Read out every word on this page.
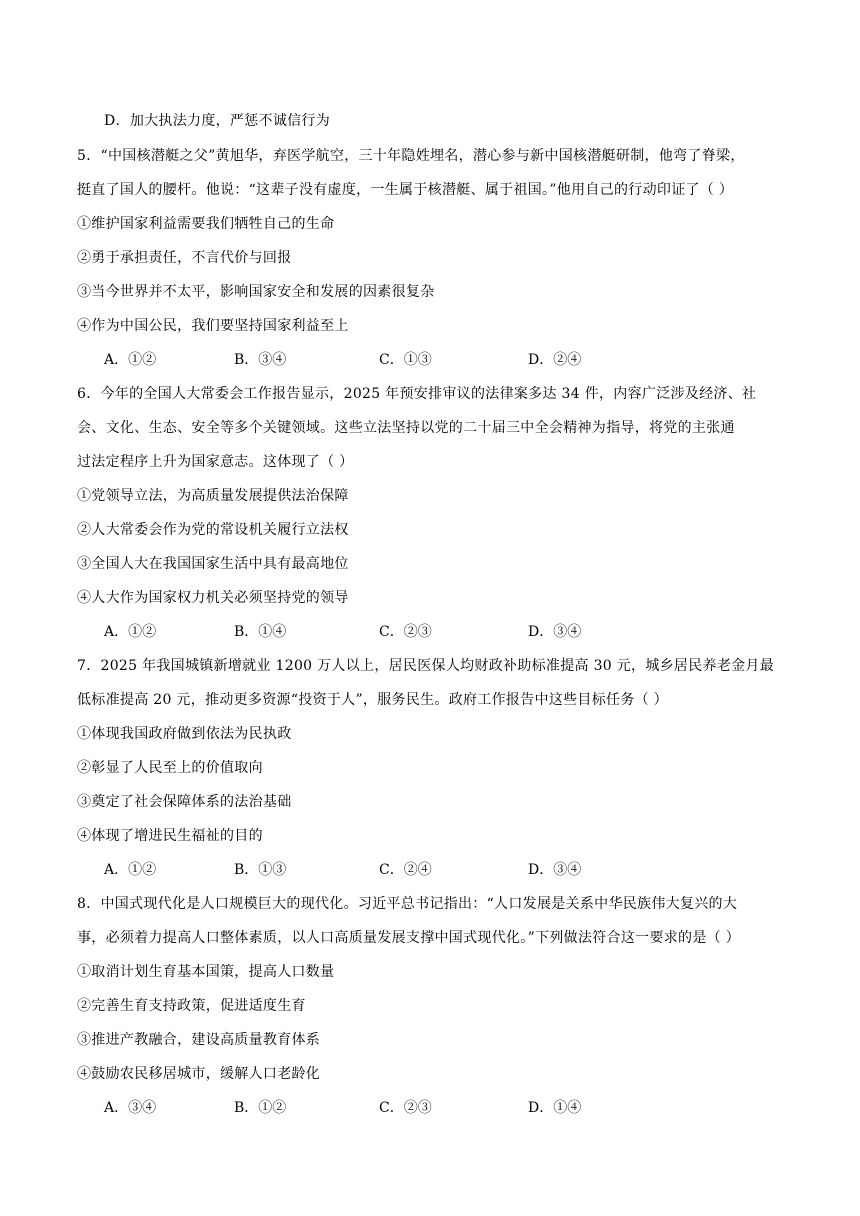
D．加大执法力度，严惩不诚信行为
5．“中国核潜艇之父”黄旭华，弃医学航空，三十年隐姓埋名，潜心参与新中国核潜艇研制，他弯了脊梁，
挺直了国人的腰杆。他说：“这辈子没有虚度，一生属于核潜艇、属于祖国。”他用自己的行动印证了（ ）
①维护国家利益需要我们牺牲自己的生命
②勇于承担责任，不言代价与回报
③当今世界并不太平，影响国家安全和发展的因素很复杂
④作为中国公民，我们要坚持国家利益至上
A．①②	B．③④	C．①③	D．②④
6．今年的全国人大常委会工作报告显示，2025 年预安排审议的法律案多达 34 件，内容广泛涉及经济、社
会、文化、生态、安全等多个关键领域。这些立法坚持以党的二十届三中全会精神为指导，将党的主张通
过法定程序上升为国家意志。这体现了（ ）
①党领导立法，为高质量发展提供法治保障
②人大常委会作为党的常设机关履行立法权
③全国人大在我国国家生活中具有最高地位
④人大作为国家权力机关必须坚持党的领导
A．①②	B．①④	C．②③	D．③④
7．2025 年我国城镇新增就业 1200 万人以上，居民医保人均财政补助标准提高 30 元，城乡居民养老金月最
低标准提高 20 元，推动更多资源“投资于人”，服务民生。政府工作报告中这些目标任务（ ）
①体现我国政府做到依法为民执政
②彰显了人民至上的价值取向
③奠定了社会保障体系的法治基础
④体现了增进民生福祉的目的
A．①②	B．①③	C．②④	D．③④
8．中国式现代化是人口规模巨大的现代化。习近平总书记指出：“人口发展是关系中华民族伟大复兴的大
事，必须着力提高人口整体素质，以人口高质量发展支撑中国式现代化。”下列做法符合这一要求的是（ ）
①取消计划生育基本国策，提高人口数量
②完善生育支持政策，促进适度生育
③推进产教融合，建设高质量教育体系
④鼓励农民移居城市，缓解人口老龄化
A．③④	B．①②	C．②③	D．①④
